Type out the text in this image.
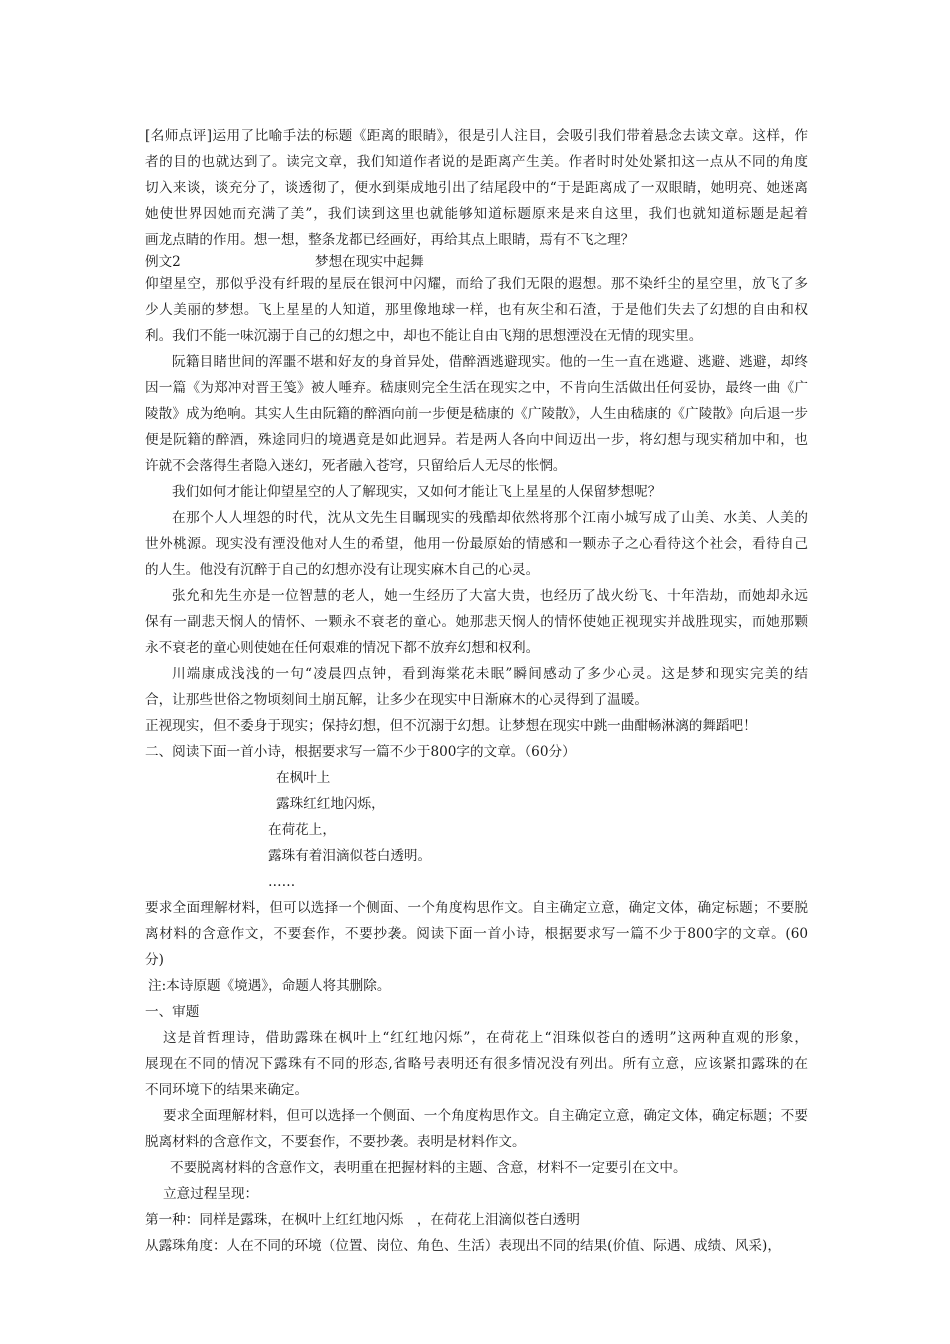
[名师点评]运用了比喻手法的标题《距离的眼睛》，很是引人注目，会吸引我们带着悬念去读文章。这样，作
者的目的也就达到了。读完文章，我们知道作者说的是距离产生美。作者时时处处紧扣这一点从不同的角度
切入来谈，谈充分了，谈透彻了，便水到渠成地引出了结尾段中的“于是距离成了一双眼睛，她明亮、她迷离
她使世界因她而充满了美”，我们读到这里也就能够知道标题原来是来自这里，我们也就知道标题是起着
画龙点睛的作用。想一想，整条龙都已经画好，再给其点上眼睛，焉有不飞之理？
例文2	梦想在现实中起舞
仰望星空，那似乎没有纤瑕的星辰在银河中闪耀，而给了我们无限的遐想。那不染纤尘的星空里，放飞了多
少人美丽的梦想。飞上星星的人知道，那里像地球一样，也有灰尘和石渣，于是他们失去了幻想的自由和权
利。我们不能一味沉溺于自己的幻想之中，却也不能让自由飞翔的思想湮没在无情的现实里。
阮籍目睹世间的浑噩不堪和好友的身首异处，借醉酒逃避现实。他的一生一直在逃避、逃避、逃避，却终
因一篇《为郑冲对晋王笺》被人唾弃。嵇康则完全生活在现实之中，不肯向生活做出任何妥协，最终一曲《广
陵散》成为绝响。其实人生由阮籍的醉酒向前一步便是嵇康的《广陵散》，人生由嵇康的《广陵散》向后退一步
便是阮籍的醉酒，殊途同归的境遇竟是如此迥异。若是两人各向中间迈出一步，将幻想与现实稍加中和，也
许就不会落得生者隐入迷幻，死者融入苍穹，只留给后人无尽的怅惘。
我们如何才能让仰望星空的人了解现实，又如何才能让飞上星星的人保留梦想呢？
在那个人人埋怨的时代，沈从文先生目瞩现实的残酷却依然将那个江南小城写成了山美、水美、人美的
世外桃源。现实没有湮没他对人生的希望，他用一份最原始的情感和一颗赤子之心看待这个社会，看待自己
的人生。他没有沉醉于自己的幻想亦没有让现实麻木自己的心灵。
张允和先生亦是一位智慧的老人，她一生经历了大富大贵，也经历了战火纷飞、十年浩劫，而她却永远
保有一副悲天悯人的情怀、一颗永不衰老的童心。她那悲天悯人的情怀使她正视现实并战胜现实，而她那颗
永不衰老的童心则使她在任何艰难的情况下都不放弃幻想和权利。
川端康成浅浅的一句“凌晨四点钟，看到海棠花未眠”瞬间感动了多少心灵。这是梦和现实完美的结
合，让那些世俗之物顷刻间土崩瓦解，让多少在现实中日渐麻木的心灵得到了温暖。
正视现实，但不委身于现实；保持幻想，但不沉溺于幻想。让梦想在现实中跳一曲酣畅淋漓的舞蹈吧！
二、阅读下面一首小诗，根据要求写一篇不少于800字的文章。（60分）
在枫叶上
露珠红红地闪烁，
在荷花上，
露珠有着泪滴似苍白透明。
……
要求全面理解材料，但可以选择一个侧面、一个角度构思作文。自主确定立意，确定文体，确定标题；不要脱
离材料的含意作文，不要套作，不要抄袭。阅读下面一首小诗，根据要求写一篇不少于800字的文章。(60
分)
注:本诗原题《境遇》，命题人将其删除。
一、审题
这是首哲理诗，借助露珠在枫叶上“红红地闪烁”，在荷花上“泪珠似苍白的透明”这两种直观的形象，
展现在不同的情况下露珠有不同的形态,省略号表明还有很多情况没有列出。所有立意，应该紧扣露珠的在
不同环境下的结果来确定。
要求全面理解材料，但可以选择一个侧面、一个角度构思作文。自主确定立意，确定文体，确定标题；不要
脱离材料的含意作文，不要套作，不要抄袭。表明是材料作文。
不要脱离材料的含意作文，表明重在把握材料的主题、含意，材料不一定要引在文中。
立意过程呈现：
第一种：同样是露珠，在枫叶上红红地闪烁　，在荷花上泪滴似苍白透明
从露珠角度：人在不同的环境（位置、岗位、角色、生活）表现出不同的结果(价值、际遇、成绩、风采)，
